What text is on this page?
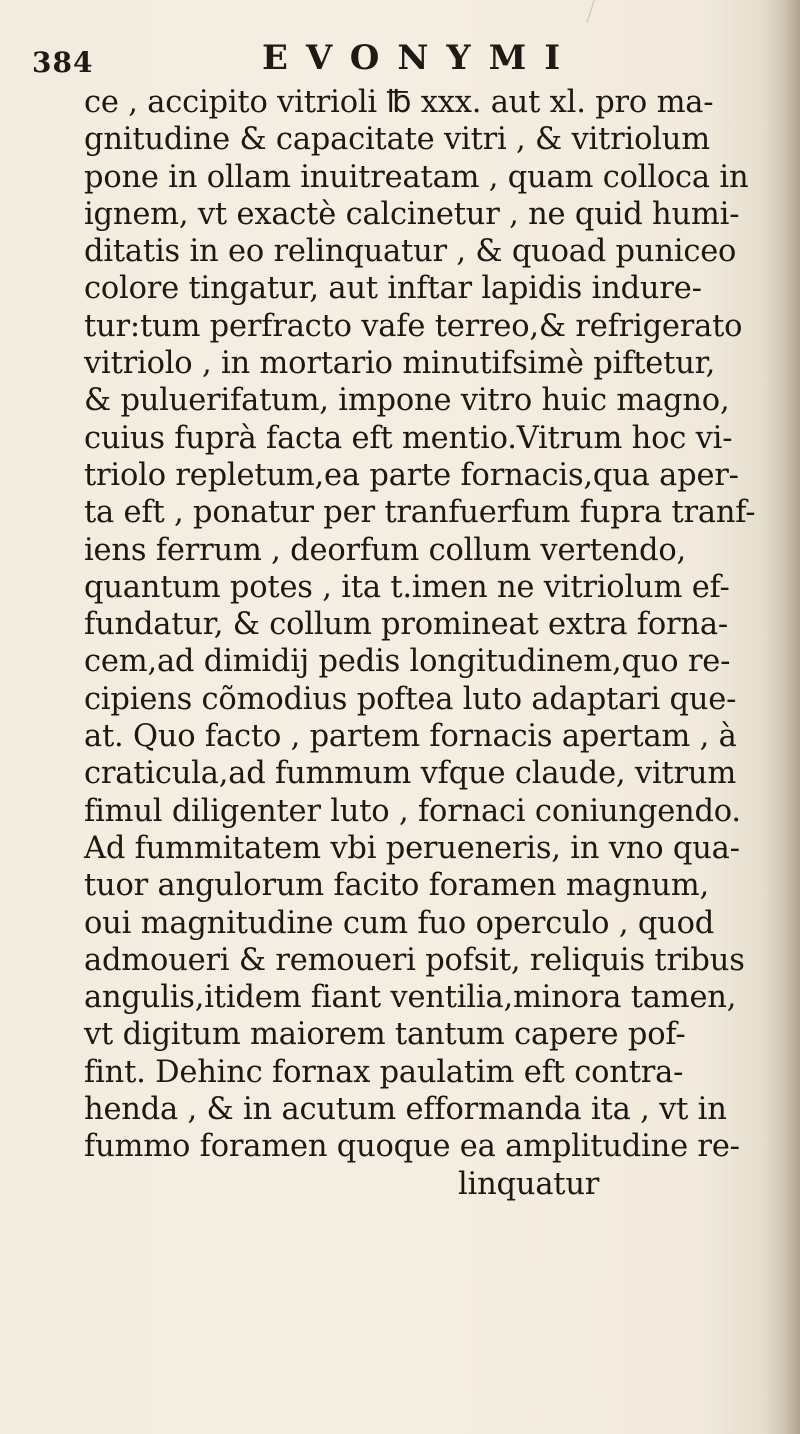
384	EVONYMI
ce , accipito vitrioli ℔ xxx. aut xl. pro ma-
gnitudine & capacitate vitri , & vitriolum
pone in ollam inuitreatam , quam colloca in
ignem, vt exactè calcinetur , ne quid humi-
ditatis in eo relinquatur , & quoad puniceo
colore tingatur, aut inftar lapidis indure-
tur:tum perfracto vafe terreo,& refrigerato
vitriolo , in mortario minutifsimè piftetur,
& puluerifatum, impone vitro huic magno,
cuius fuprà facta eft mentio.Vitrum hoc vi-
triolo repletum,ea parte fornacis,qua aper-
ta eft , ponatur per tranfuerfum fupra tranf-
iens ferrum , deorfum collum vertendo,
quantum potes , ita t.imen ne vitriolum ef-
fundatur, & collum promineat extra forna-
cem,ad dimidij pedis longitudinem,quo re-
cipiens cõmodius poftea luto adaptari que-
at. Quo facto , partem fornacis apertam , à
craticula,ad fummum vfque claude, vitrum
fimul diligenter luto , fornaci coniungendo.
Ad fummitatem vbi perueneris, in vno qua-
tuor angulorum facito foramen magnum,
oui magnitudine cum fuo operculo , quod
admoueri & remoueri pofsit, reliquis tribus
angulis,itidem fiant ventilia,minora tamen,
vt digitum maiorem tantum capere pof-
fint. Dehinc fornax paulatim eft contra-
henda , & in acutum efformanda ita , vt in
fummo foramen quoque ea amplitudine re-
linquatur
